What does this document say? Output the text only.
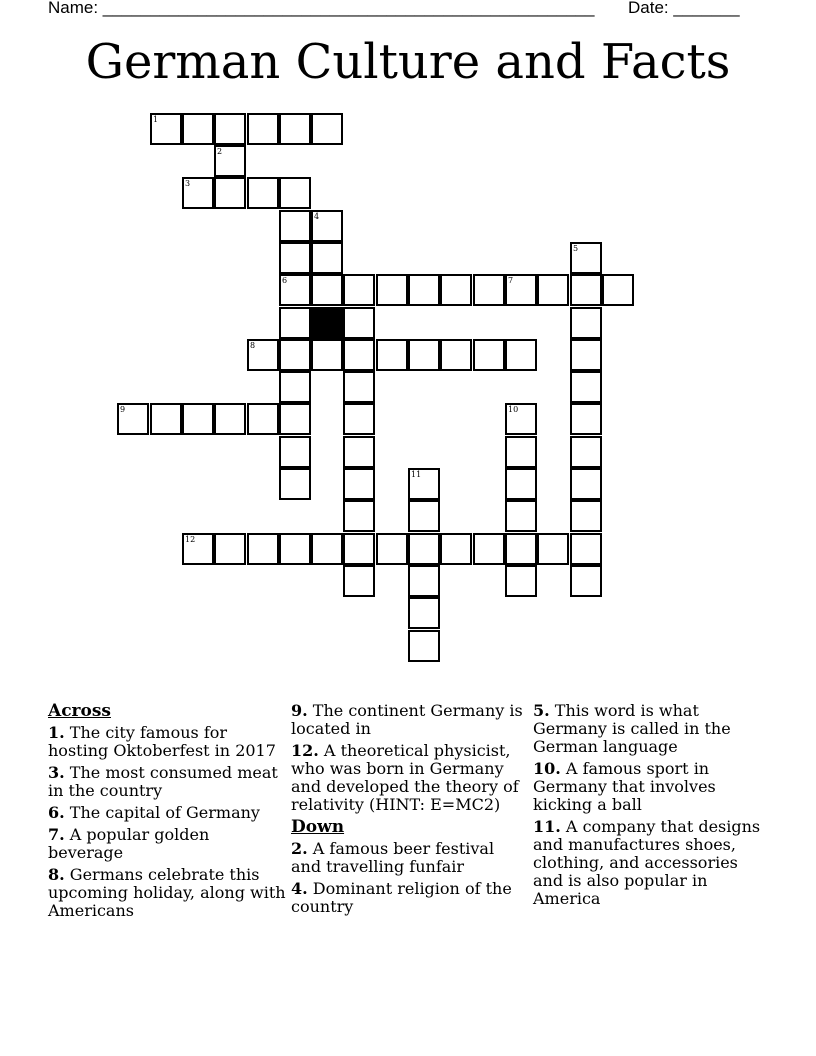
Name: ____________________________________________________ Date: _______
German Culture and Facts
1
2
3
4
5
6	7
8
9	10
11
12
Across
1. The city famous for hosting Oktoberfest in 2017
3. The most consumed meat in the country
6. The capital of Germany
7. A popular golden beverage
8. Germans celebrate this upcoming holiday, along with Americans
9. The continent Germany is located in
12. A theoretical physicist, who was born in Germany and developed the theory of relativity (HINT: E=MC2)
Down
2. A famous beer festival and travelling funfair
4. Dominant religion of the country
5. This word is what Germany is called in the German language
10. A famous sport in Germany that involves kicking a ball
11. A company that designs and manufactures shoes, clothing, and accessories and is also popular in America
